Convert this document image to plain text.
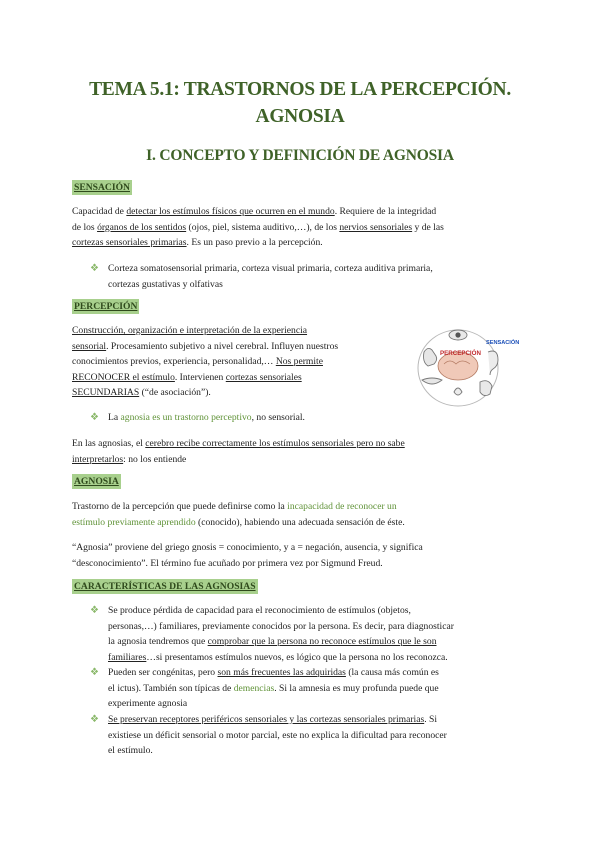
TEMA 5.1: TRASTORNOS DE LA PERCEPCIÓN.
AGNOSIA
I. CONCEPTO Y DEFINICIÓN DE AGNOSIA
SENSACIÓN
Capacidad de detectar los estímulos físicos que ocurren en el mundo. Requiere de la integridad
de los órganos de los sentidos (ojos, piel, sistema auditivo,…), de los nervios sensoriales y de las
cortezas sensoriales primarias. Es un paso previo a la percepción.
❖ Corteza somatosensorial primaria, corteza visual primaria, corteza auditiva primaria,
cortezas gustativas y olfativas
PERCEPCIÓN
Construcción, organización e interpretación de la experiencia
sensorial. Procesamiento subjetivo a nivel cerebral. Influyen nuestros
conocimientos previos, experiencia, personalidad,… Nos permite
RECONOCER el estímulo. Intervienen cortezas sensoriales
SECUNDARIAS (“de asociación”).
PERCEPCIÓN
SENSACIÓN
❖ La agnosia es un trastorno perceptivo, no sensorial.
En las agnosias, el cerebro recibe correctamente los estímulos sensoriales pero no sabe
interpretarlos: no los entiende
AGNOSIA
Trastorno de la percepción que puede definirse como la incapacidad de reconocer un
estímulo previamente aprendido (conocido), habiendo una adecuada sensación de éste.
“Agnosia” proviene del griego gnosis = conocimiento, y a = negación, ausencia, y significa
“desconocimiento”. El término fue acuñado por primera vez por Sigmund Freud.
CARACTERÍSTICAS DE LAS AGNOSIAS
❖ Se produce pérdida de capacidad para el reconocimiento de estímulos (objetos,
personas,…) familiares, previamente conocidos por la persona. Es decir, para diagnosticar
la agnosia tendremos que comprobar que la persona no reconoce estímulos que le son
familiares…si presentamos estímulos nuevos, es lógico que la persona no los reconozca.
❖ Pueden ser congénitas, pero son más frecuentes las adquiridas (la causa más común es
el ictus). También son típicas de demencias. Si la amnesia es muy profunda puede que
experimente agnosia
❖ Se preservan receptores periféricos sensoriales y las cortezas sensoriales primarias. Si
existiese un déficit sensorial o motor parcial, este no explica la dificultad para reconocer
el estímulo.
